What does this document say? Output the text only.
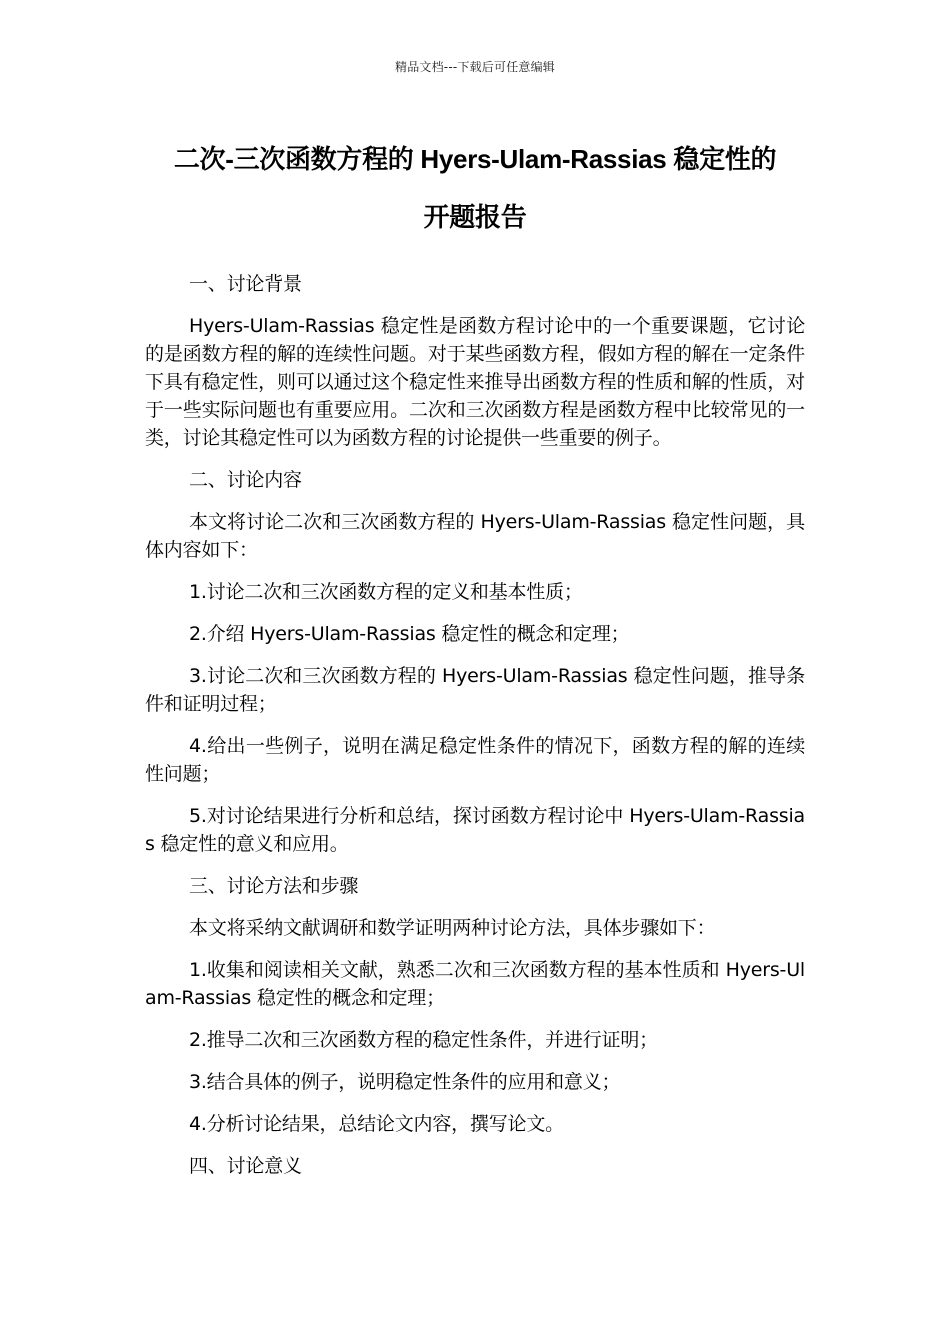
精品文档---下载后可任意编辑
二次-三次函数方程的 Hyers-Ulam-Rassias 稳定性的
开题报告

一、讨论背景

Hyers-Ulam-Rassias 稳定性是函数方程讨论中的一个重要课题，它讨论的是函数方程的解的连续性问题。对于某些函数方程，假如方程的解在一定条件下具有稳定性，则可以通过这个稳定性来推导出函数方程的性质和解的性质，对于一些实际问题也有重要应用。二次和三次函数方程是函数方程中比较常见的一类，讨论其稳定性可以为函数方程的讨论提供一些重要的例子。

二、讨论内容

本文将讨论二次和三次函数方程的 Hyers-Ulam-Rassias 稳定性问题，具体内容如下：

1.讨论二次和三次函数方程的定义和基本性质；

2.介绍 Hyers-Ulam-Rassias 稳定性的概念和定理；

3.讨论二次和三次函数方程的 Hyers-Ulam-Rassias 稳定性问题，推导条件和证明过程；

4.给出一些例子，说明在满足稳定性条件的情况下，函数方程的解的连续性问题；

5.对讨论结果进行分析和总结，探讨函数方程讨论中 Hyers-Ulam-Rassias 稳定性的意义和应用。

三、讨论方法和步骤

本文将采纳文献调研和数学证明两种讨论方法，具体步骤如下：

1.收集和阅读相关文献，熟悉二次和三次函数方程的基本性质和 Hyers-Ulam-Rassias 稳定性的概念和定理；

2.推导二次和三次函数方程的稳定性条件，并进行证明；

3.结合具体的例子，说明稳定性条件的应用和意义；

4.分析讨论结果，总结论文内容，撰写论文。

四、讨论意义
